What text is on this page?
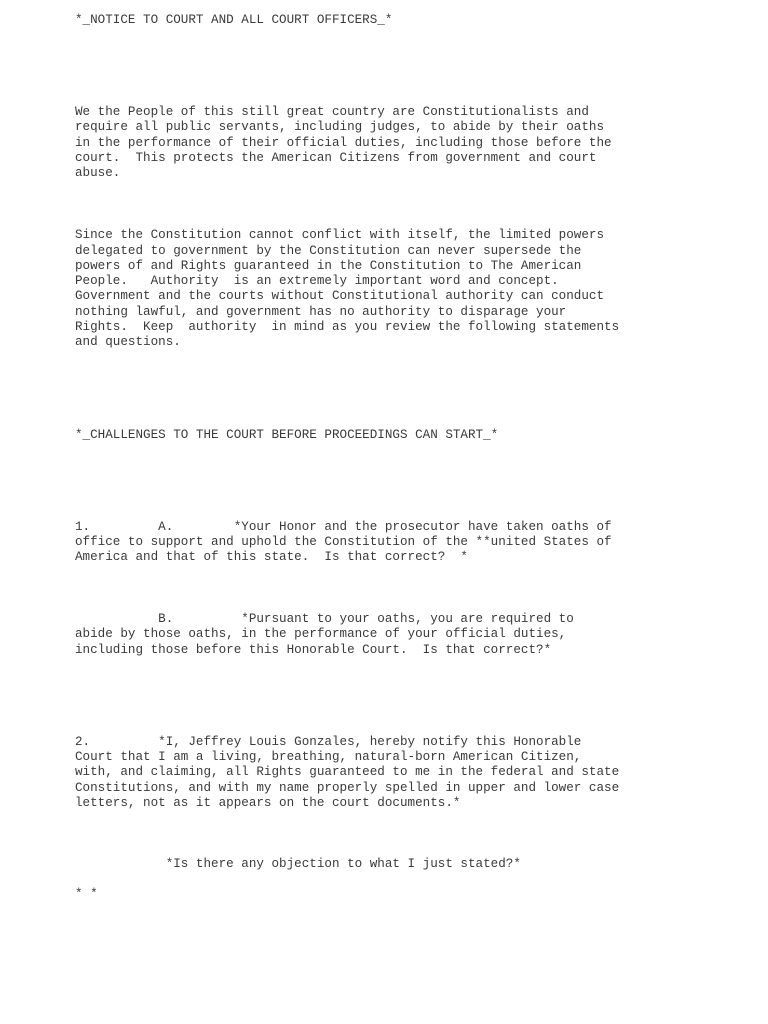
*_NOTICE TO COURT AND ALL COURT OFFICERS_*

We the People of this still great country are Constitutionalists and

require all public servants, including judges, to abide by their oaths

in the performance of their official duties, including those before the

court.  This protects the American Citizens from government and court

abuse.

Since the Constitution cannot conflict with itself, the limited powers

delegated to government by the Constitution can never supersede the

powers of and Rights guaranteed in the Constitution to The American

People.   Authority  is an extremely important word and concept.

Government and the courts without Constitutional authority can conduct

nothing lawful, and government has no authority to disparage your

Rights.  Keep  authority  in mind as you review the following statements

and questions.

*_CHALLENGES TO THE COURT BEFORE PROCEEDINGS CAN START_*

1.         A.        *Your Honor and the prosecutor have taken oaths of

office to support and uphold the Constitution of the **united States of

America and that of this state.  Is that correct?  *

B.         *Pursuant to your oaths, you are required to

abide by those oaths, in the performance of your official duties,

including those before this Honorable Court.  Is that correct?*

2.         *I, Jeffrey Louis Gonzales, hereby notify this Honorable

Court that I am a living, breathing, natural-born American Citizen,

with, and claiming, all Rights guaranteed to me in the federal and state

Constitutions, and with my name properly spelled in upper and lower case

letters, not as it appears on the court documents.*

*Is there any objection to what I just stated?*

* *
